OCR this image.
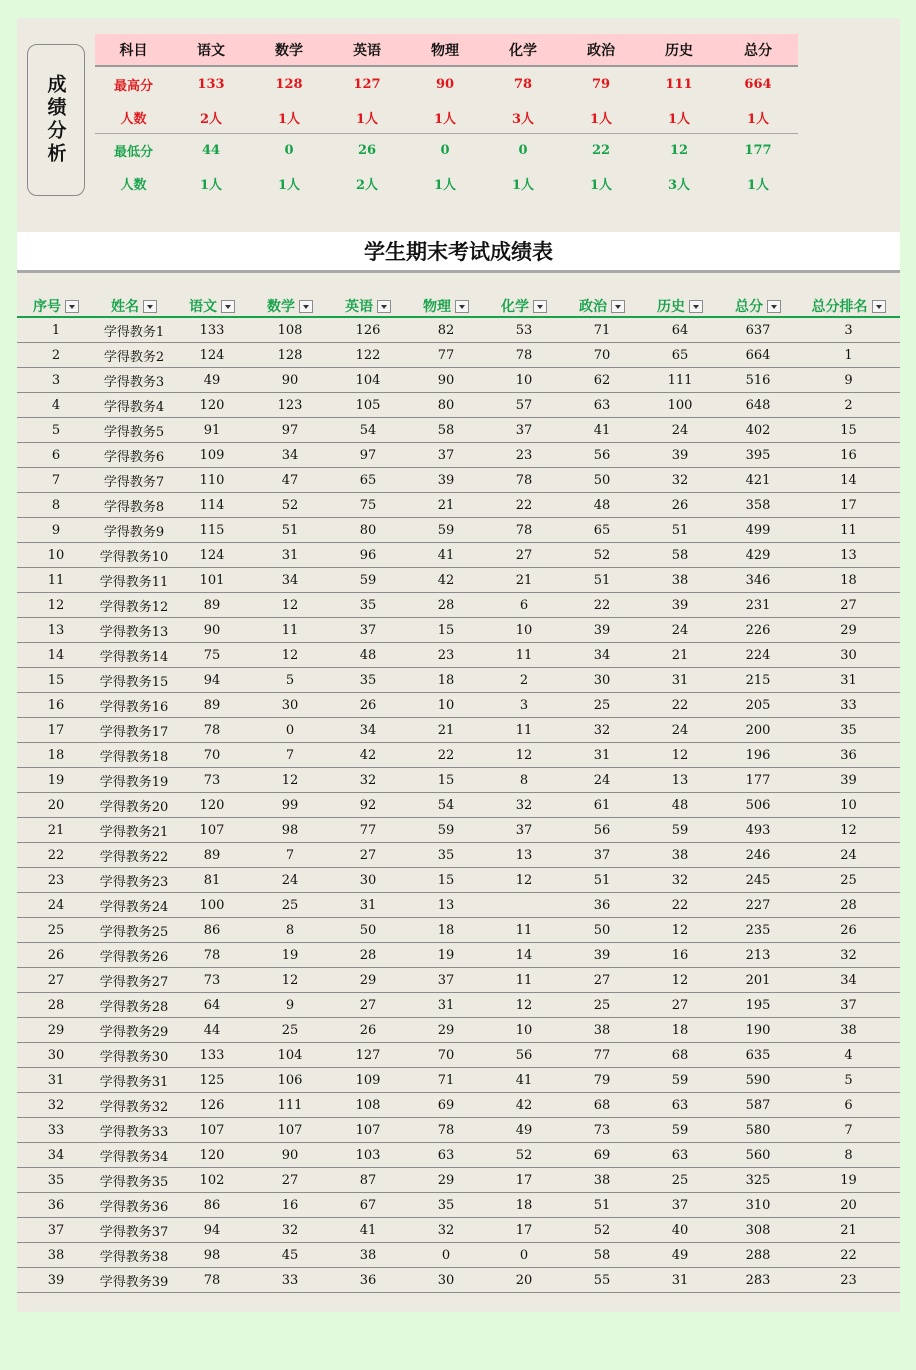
成绩分析
科目	语文	数学	英语	物理	化学	政治	历史	总分
最高分	133	128	127	90	78	79	111	664
人数	2人	1人	1人	1人	3人	1人	1人	1人
最低分	44	0	26	0	0	22	12	177
人数	1人	1人	2人	1人	1人	1人	3人	1人
学生期末考试成绩表
序号	姓名	语文	数学	英语	物理	化学	政治	历史	总分	总分排名
1	学得教务1	133	108	126	82	53	71	64	637	3
2	学得教务2	124	128	122	77	78	70	65	664	1
3	学得教务3	49	90	104	90	10	62	111	516	9
4	学得教务4	120	123	105	80	57	63	100	648	2
5	学得教务5	91	97	54	58	37	41	24	402	15
6	学得教务6	109	34	97	37	23	56	39	395	16
7	学得教务7	110	47	65	39	78	50	32	421	14
8	学得教务8	114	52	75	21	22	48	26	358	17
9	学得教务9	115	51	80	59	78	65	51	499	11
10	学得教务10	124	31	96	41	27	52	58	429	13
11	学得教务11	101	34	59	42	21	51	38	346	18
12	学得教务12	89	12	35	28	6	22	39	231	27
13	学得教务13	90	11	37	15	10	39	24	226	29
14	学得教务14	75	12	48	23	11	34	21	224	30
15	学得教务15	94	5	35	18	2	30	31	215	31
16	学得教务16	89	30	26	10	3	25	22	205	33
17	学得教务17	78	0	34	21	11	32	24	200	35
18	学得教务18	70	7	42	22	12	31	12	196	36
19	学得教务19	73	12	32	15	8	24	13	177	39
20	学得教务20	120	99	92	54	32	61	48	506	10
21	学得教务21	107	98	77	59	37	56	59	493	12
22	学得教务22	89	7	27	35	13	37	38	246	24
23	学得教务23	81	24	30	15	12	51	32	245	25
24	学得教务24	100	25	31	13		36	22	227	28
25	学得教务25	86	8	50	18	11	50	12	235	26
26	学得教务26	78	19	28	19	14	39	16	213	32
27	学得教务27	73	12	29	37	11	27	12	201	34
28	学得教务28	64	9	27	31	12	25	27	195	37
29	学得教务29	44	25	26	29	10	38	18	190	38
30	学得教务30	133	104	127	70	56	77	68	635	4
31	学得教务31	125	106	109	71	41	79	59	590	5
32	学得教务32	126	111	108	69	42	68	63	587	6
33	学得教务33	107	107	107	78	49	73	59	580	7
34	学得教务34	120	90	103	63	52	69	63	560	8
35	学得教务35	102	27	87	29	17	38	25	325	19
36	学得教务36	86	16	67	35	18	51	37	310	20
37	学得教务37	94	32	41	32	17	52	40	308	21
38	学得教务38	98	45	38	0	0	58	49	288	22
39	学得教务39	78	33	36	30	20	55	31	283	23
